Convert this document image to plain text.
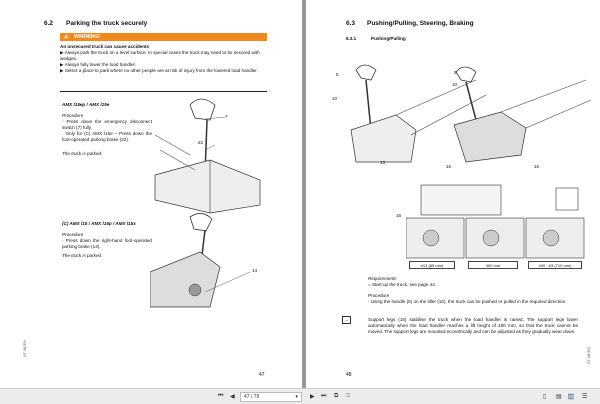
6.2 Parking the truck securely
⚠ WARNING!
An unsecured truck can cause accidents
▶ Always park the truck on a level surface. In special cases the truck may need to be secured with wedges.
▶ Always fully lower the load handler.
▶ Select a place to park where no other people are at risk of injury from the lowered load handler.
AMX l15ep / AMX l15e
Procedure
· Press down the emergency disconnect switch (7) fully.
· Only for (C) AMX l15e – Press down the foot-operated parking brake (22).
The truck is parked.
7
22
(C) AMX l15 / AMX l15p / AMX l15x
Procedure
· Press down the right-hand foot-operated parking brake (14).
The truck is parked.
14
07.18 EN
47
6.3 Pushing/Pulling, Steering, Braking
6.3.1	Pushing/Pulling
5
10
5
10
13
16	16
16
h13 (85 mm)	400 mm	400 - h3 (710 mm)
Requirements
= Start up the truck, see page 44.
Procedure
· Using the handle (5) on the tiller (10), the truck can be pushed or pulled in the required direction.
→	Support legs (16) stabilise the truck when the load handler is raised. The support legs lower automatically when the load handler reaches a lift height of 400 mm, so that the truck cannot be moved. The support legs are mounted eccentrically and can be adjusted as they gradually wear down.
07.18 EN
48
⏮ ◀	47 / 79	▾ ▶ ⏭ ⧉ ⧉	▯ ▤ ◫ ☰
